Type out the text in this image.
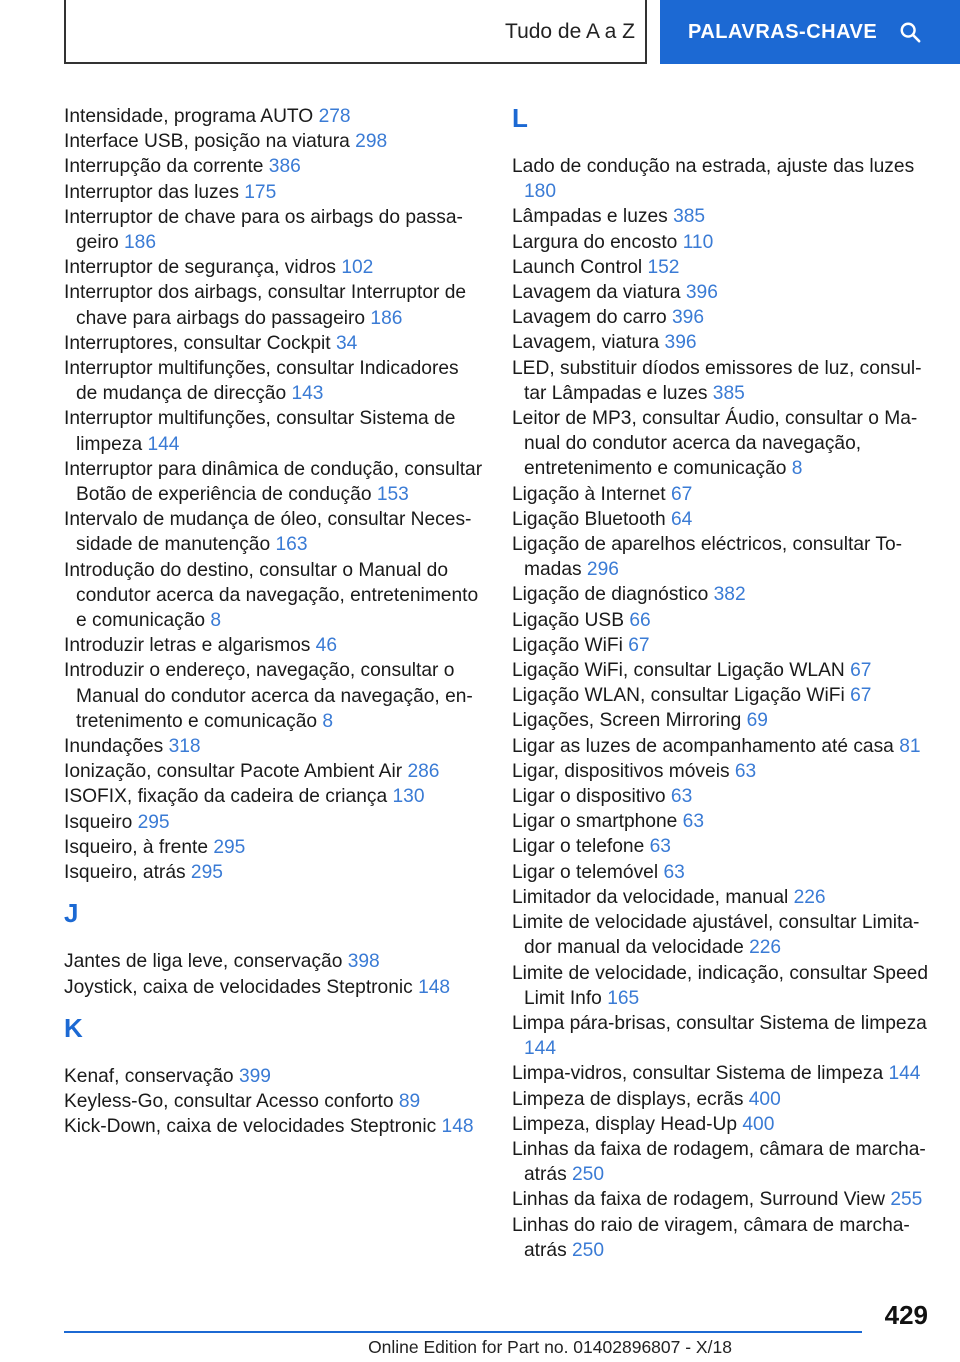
Tudo de A a Z	PALAVRAS-CHAVE
Intensidade, programa AUTO 278
Interface USB, posição na viatura 298
Interrupção da corrente 386
Interruptor das luzes 175
Interruptor de chave para os airbags do passageiro 186
Interruptor de segurança, vidros 102
Interruptor dos airbags, consultar Interruptor de chave para airbags do passageiro 186
Interruptores, consultar Cockpit 34
Interruptor multifunções, consultar Indicadores de mudança de direcção 143
Interruptor multifunções, consultar Sistema de limpeza 144
Interruptor para dinâmica de condução, consultar Botão de experiência de condução 153
Intervalo de mudança de óleo, consultar Necessidade de manutenção 163
Introdução do destino, consultar o Manual do condutor acerca da navegação, entretenimento e comunicação 8
Introduzir letras e algarismos 46
Introduzir o endereço, navegação, consultar o Manual do condutor acerca da navegação, entretenimento e comunicação 8
Inundações 318
Ionização, consultar Pacote Ambient Air 286
ISOFIX, fixação da cadeira de criança 130
Isqueiro 295
Isqueiro, à frente 295
Isqueiro, atrás 295
J
Jantes de liga leve, conservação 398
Joystick, caixa de velocidades Steptronic 148
K
Kenaf, conservação 399
Keyless-Go, consultar Acesso conforto 89
Kick-Down, caixa de velocidades Steptronic 148
L
Lado de condução na estrada, ajuste das luzes 180
Lâmpadas e luzes 385
Largura do encosto 110
Launch Control 152
Lavagem da viatura 396
Lavagem do carro 396
Lavagem, viatura 396
LED, substituir díodos emissores de luz, consultar Lâmpadas e luzes 385
Leitor de MP3, consultar Áudio, consultar o Manual do condutor acerca da navegação, entretenimento e comunicação 8
Ligação à Internet 67
Ligação Bluetooth 64
Ligação de aparelhos eléctricos, consultar Tomadas 296
Ligação de diagnóstico 382
Ligação USB 66
Ligação WiFi 67
Ligação WiFi, consultar Ligação WLAN 67
Ligação WLAN, consultar Ligação WiFi 67
Ligações, Screen Mirroring 69
Ligar as luzes de acompanhamento até casa 81
Ligar, dispositivos móveis 63
Ligar o dispositivo 63
Ligar o smartphone 63
Ligar o telefone 63
Ligar o telemóvel 63
Limitador da velocidade, manual 226
Limite de velocidade ajustável, consultar Limitador manual da velocidade 226
Limite de velocidade, indicação, consultar Speed Limit Info 165
Limpa pára-brisas, consultar Sistema de limpeza 144
Limpa-vidros, consultar Sistema de limpeza 144
Limpeza de displays, ecrãs 400
Limpeza, display Head-Up 400
Linhas da faixa de rodagem, câmara de marcha-atrás 250
Linhas da faixa de rodagem, Surround View 255
Linhas do raio de viragem, câmara de marcha-atrás 250
429
Online Edition for Part no. 01402896807 - X/18
